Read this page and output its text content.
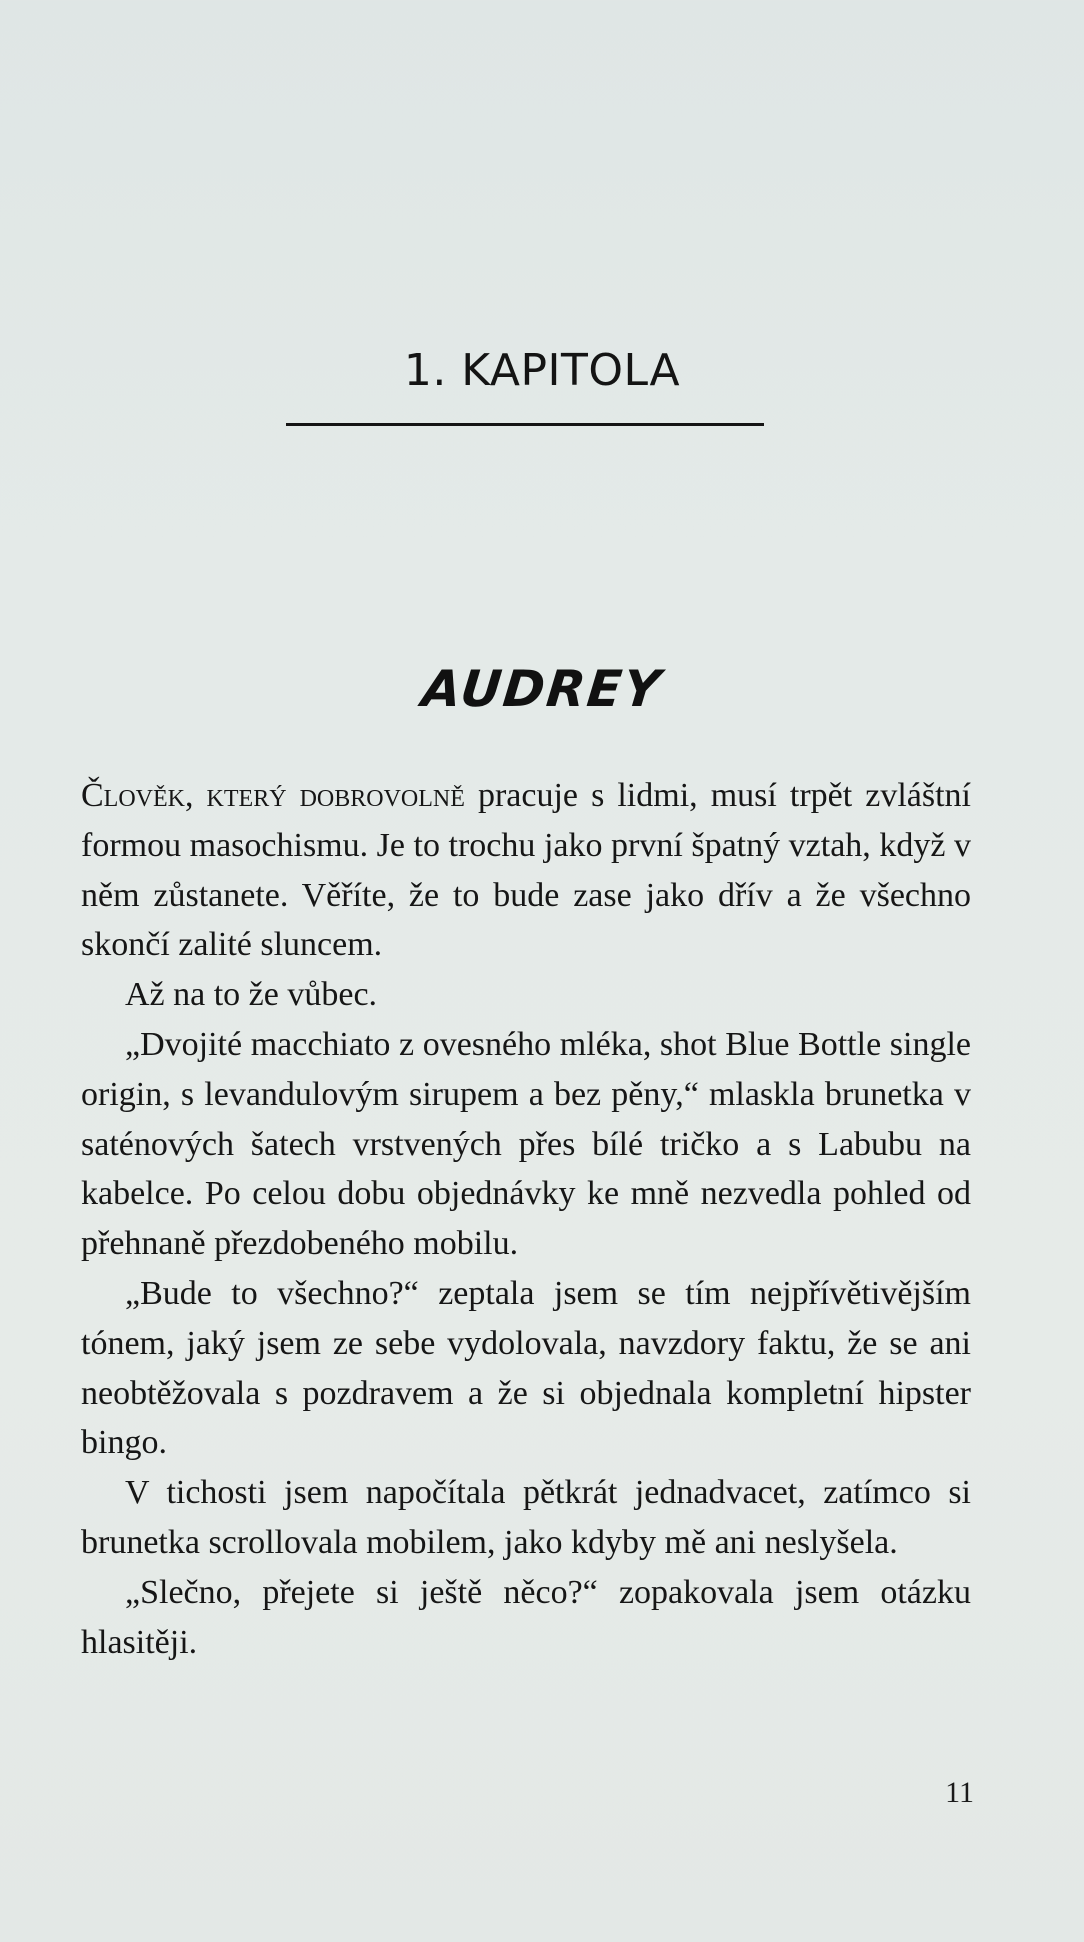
1. KAPITOLA
AUDREY

Člověk, který dobrovolně pracuje s lidmi, musí trpět zvláštní formou masochismu. Je to trochu jako první špatný vztah, když v něm zůstanete. Věříte, že to bude zase jako dřív a že všechno skončí zalité sluncem.

Až na to že vůbec.

„Dvojité macchiato z ovesného mléka, shot Blue Bottle single origin, s levandulovým sirupem a bez pěny,“ mlaskla brunetka v saténových šatech vrstvených přes bílé tričko a s Labubu na kabelce. Po celou dobu objednávky ke mně nezvedla pohled od přehnaně přezdobeného mobilu.

„Bude to všechno?“ zeptala jsem se tím nejpřívětivějším tónem, jaký jsem ze sebe vydolovala, navzdory faktu, že se ani neobtěžovala s pozdravem a že si objednala kompletní hipster bingo.

V tichosti jsem napočítala pětkrát jednadvacet, zatímco si brunetka scrollovala mobilem, jako kdyby mě ani neslyšela.

„Slečno, přejete si ještě něco?“ zopakovala jsem otázku hlasitěji.

11
